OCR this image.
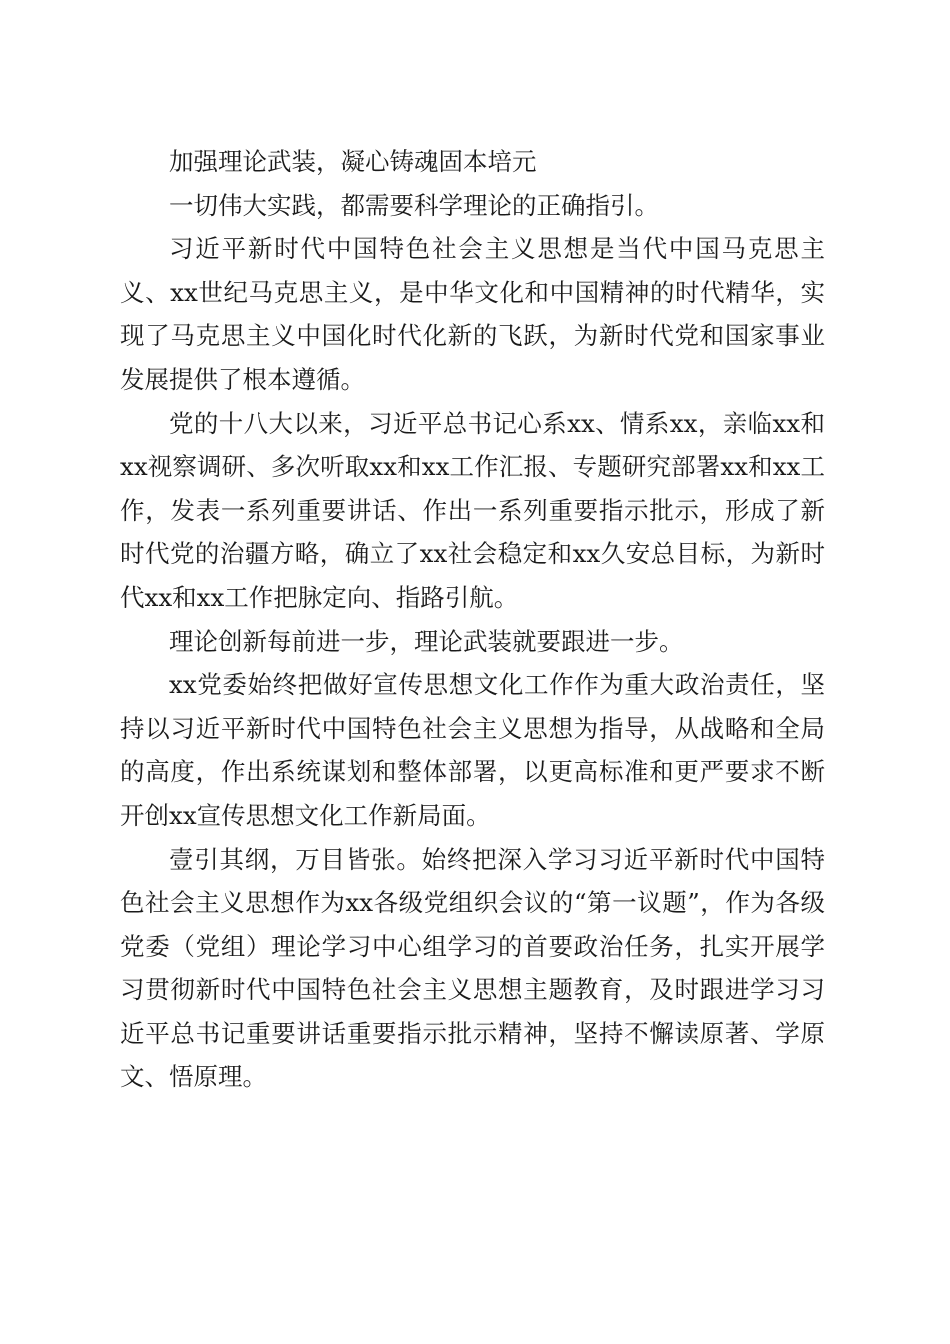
加强理论武装，凝心铸魂固本培元

一切伟大实践，都需要科学理论的正确指引。

习近平新时代中国特色社会主义思想是当代中国马克思主义、xx世纪马克思主义，是中华文化和中国精神的时代精华，实现了马克思主义中国化时代化新的飞跃，为新时代党和国家事业发展提供了根本遵循。

党的十八大以来，习近平总书记心系xx、情系xx，亲临xx和xx视察调研、多次听取xx和xx工作汇报、专题研究部署xx和xx工作，发表一系列重要讲话、作出一系列重要指示批示，形成了新时代党的治疆方略，确立了xx社会稳定和xx久安总目标，为新时代xx和xx工作把脉定向、指路引航。

理论创新每前进一步，理论武装就要跟进一步。

xx党委始终把做好宣传思想文化工作作为重大政治责任，坚持以习近平新时代中国特色社会主义思想为指导，从战略和全局的高度，作出系统谋划和整体部署，以更高标准和更严要求不断开创xx宣传思想文化工作新局面。

壹引其纲，万目皆张。始终把深入学习习近平新时代中国特色社会主义思想作为xx各级党组织会议的“第一议题”，作为各级党委（党组）理论学习中心组学习的首要政治任务，扎实开展学习贯彻新时代中国特色社会主义思想主题教育，及时跟进学习习近平总书记重要讲话重要指示批示精神，坚持不懈读原著、学原文、悟原理。
